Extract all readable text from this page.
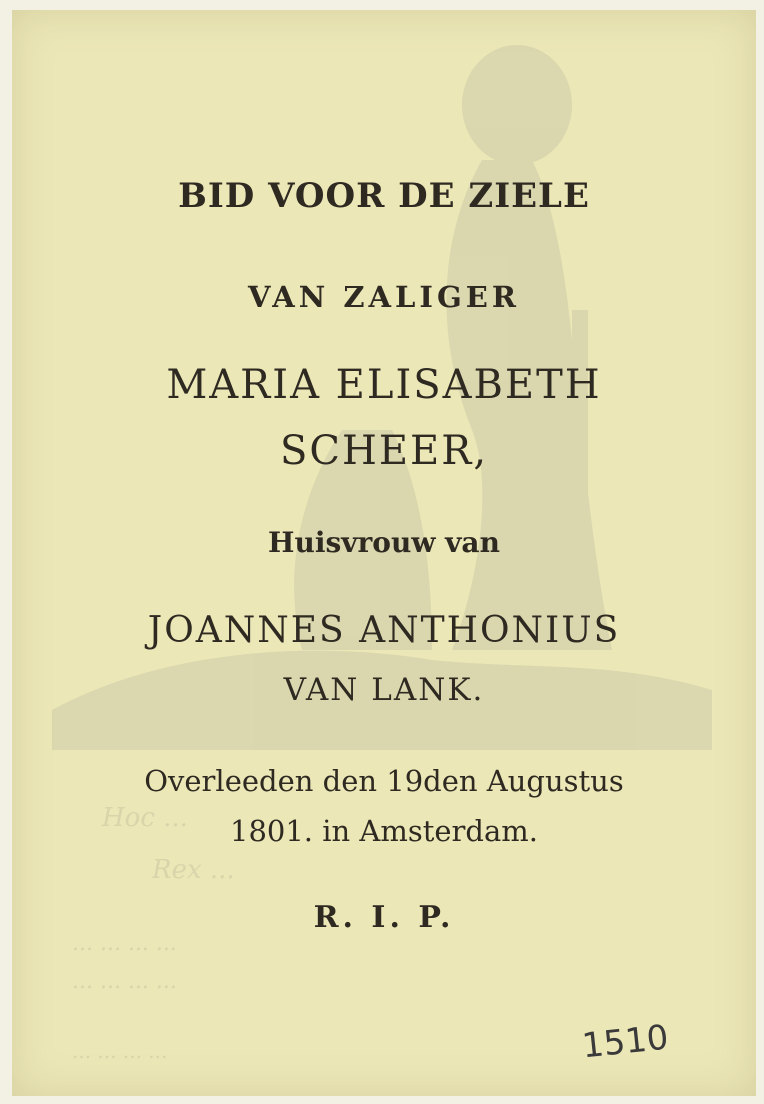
Hoc ...
Rex ...
... ... ... ...
... ... ... ...
... ... ... ...

BID VOOR DE ZIELE

VAN ZALIGER

MARIA ELISABETH

SCHEER,

Huisvrouw van

JOANNES ANTHONIUS

VAN LANK.

Overleeden den 19den Augustus

1801. in Amsterdam.

R. I. P.

1510
